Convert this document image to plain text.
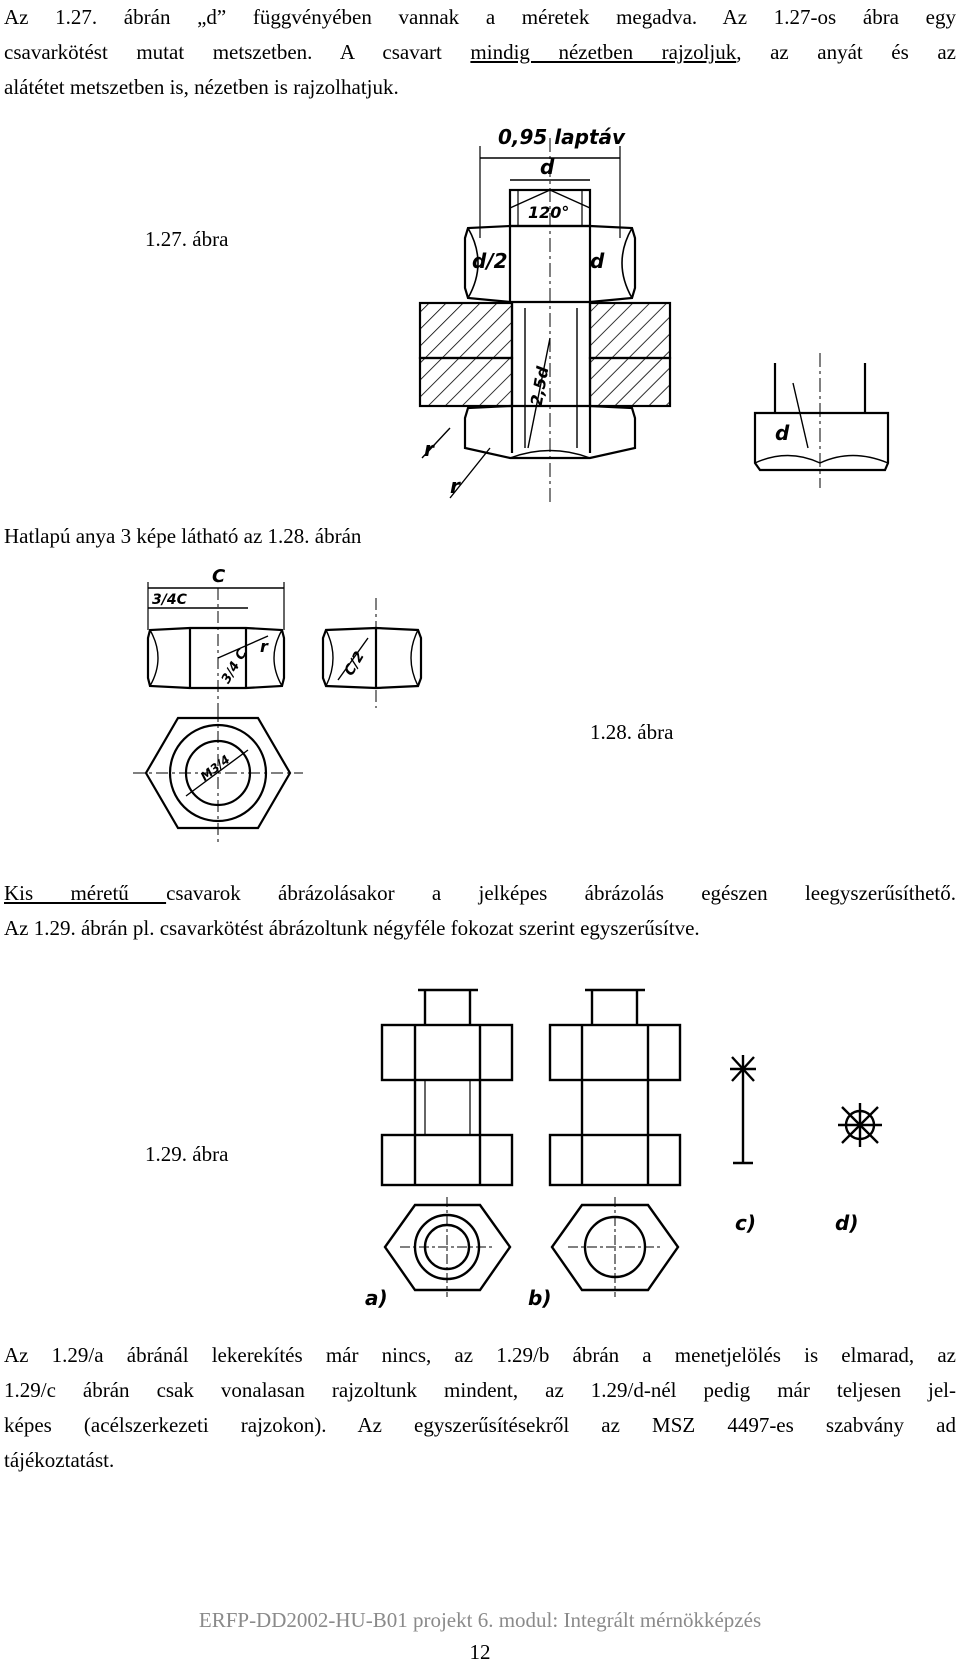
Az 1.27. ábrán „d” függvényében vannak a méretek megadva. Az 1.27-os ábra egy
csavarkötést mutat metszetben. A csavart mindig nézetben rajzoljuk, az anyát és az
alátétet metszetben is, nézetben is rajzolhatjuk.
1.27. ábra
0,95 laptáv
d
120°
d/2	d
2,5d
r
r
d
Hatlapú anya 3 képe látható az 1.28. ábrán
C
3/4C
3/4 C
r
C/2
M3/4
1.28. ábra
Kis méretű csavarok ábrázolásakor a jelképes ábrázolás egészen leegyszerűsíthető.
Az 1.29. ábrán pl. csavarkötést ábrázoltunk négyféle fokozat szerint egyszerűsítve.
a)	b)
c)	d)
1.29. ábra
Az 1.29/a ábránál lekerekítés már nincs, az 1.29/b ábrán a menetjelölés is elmarad, az
1.29/c ábrán csak vonalasan rajzoltunk mindent, az 1.29/d-nél pedig már teljesen jel-
képes (acélszerkezeti rajzokon). Az egyszerűsítésekről az MSZ 4497-es szabvány ad
tájékoztatást.
ERFP-DD2002-HU-B01 projekt 6. modul: Integrált mérnökképzés
12
